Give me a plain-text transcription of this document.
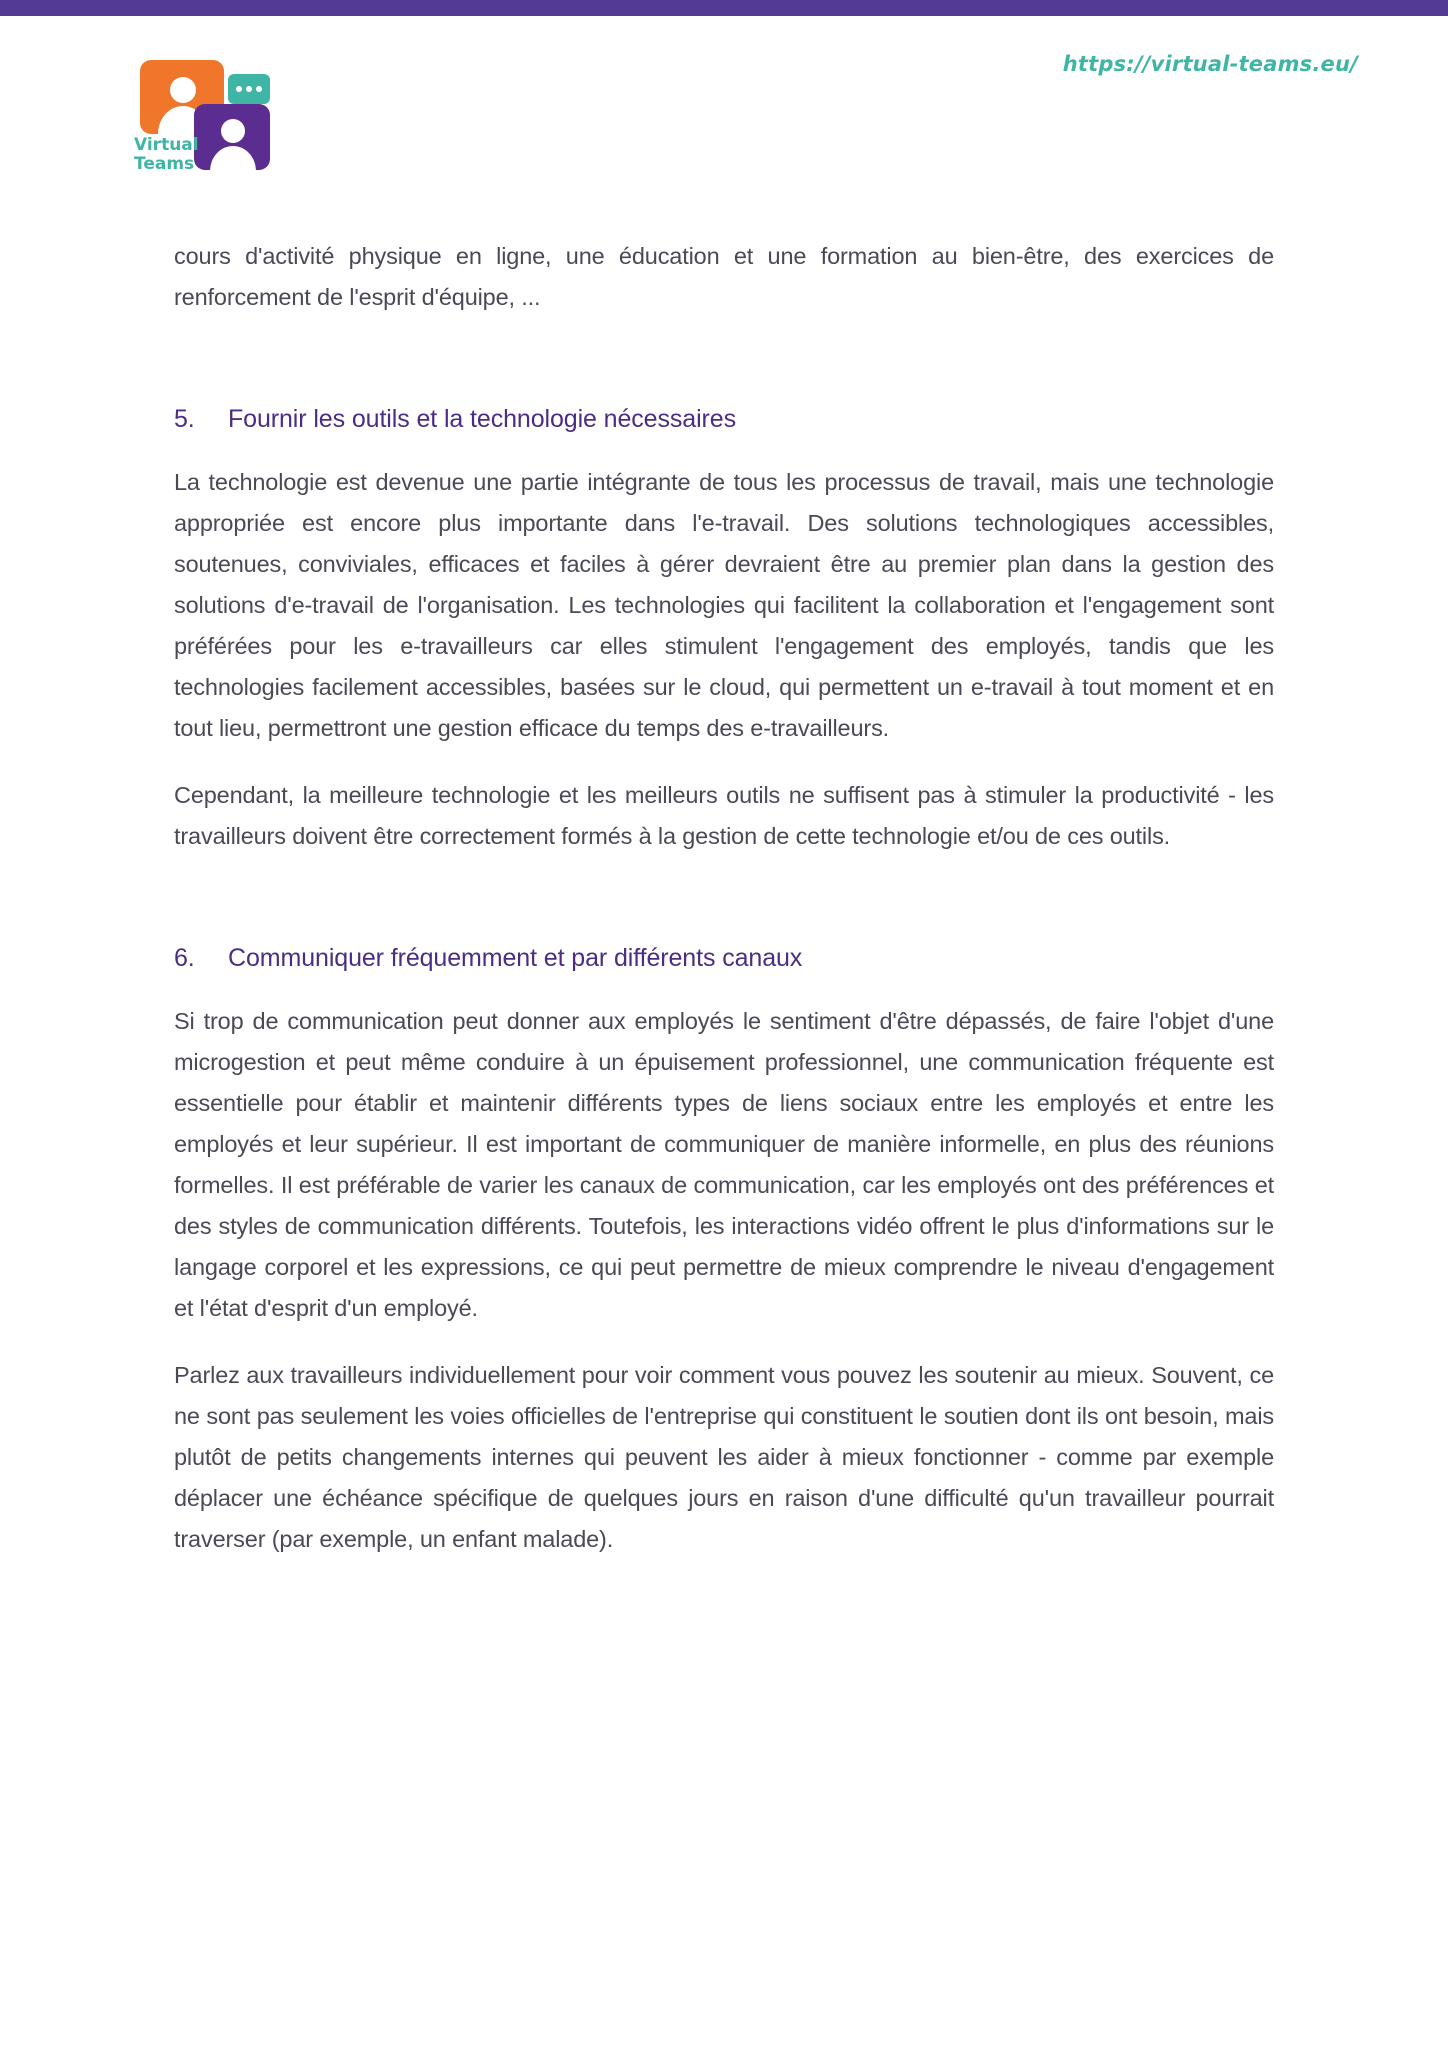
https://virtual-teams.eu/
Virtual
Teams

cours d'activité physique en ligne, une éducation et une formation au bien-être, des exercices de renforcement de l'esprit d'équipe, ...

5.	Fournir les outils et la technologie nécessaires

La technologie est devenue une partie intégrante de tous les processus de travail, mais une technologie appropriée est encore plus importante dans l'e-travail. Des solutions technologiques accessibles, soutenues, conviviales, efficaces et faciles à gérer devraient être au premier plan dans la gestion des solutions d'e-travail de l'organisation. Les technologies qui facilitent la collaboration et l'engagement sont préférées pour les e-travailleurs car elles stimulent l'engagement des employés, tandis que les technologies facilement accessibles, basées sur le cloud, qui permettent un e-travail à tout moment et en tout lieu, permettront une gestion efficace du temps des e-travailleurs.

Cependant, la meilleure technologie et les meilleurs outils ne suffisent pas à stimuler la productivité - les travailleurs doivent être correctement formés à la gestion de cette technologie et/ou de ces outils.

6.	Communiquer fréquemment et par différents canaux

Si trop de communication peut donner aux employés le sentiment d'être dépassés, de faire l'objet d'une microgestion et peut même conduire à un épuisement professionnel, une communication fréquente est essentielle pour établir et maintenir différents types de liens sociaux entre les employés et entre les employés et leur supérieur. Il est important de communiquer de manière informelle, en plus des réunions formelles. Il est préférable de varier les canaux de communication, car les employés ont des préférences et des styles de communication différents. Toutefois, les interactions vidéo offrent le plus d'informations sur le langage corporel et les expressions, ce qui peut permettre de mieux comprendre le niveau d'engagement et l'état d'esprit d'un employé.

Parlez aux travailleurs individuellement pour voir comment vous pouvez les soutenir au mieux. Souvent, ce ne sont pas seulement les voies officielles de l'entreprise qui constituent le soutien dont ils ont besoin, mais plutôt de petits changements internes qui peuvent les aider à mieux fonctionner - comme par exemple déplacer une échéance spécifique de quelques jours en raison d'une difficulté qu'un travailleur pourrait traverser (par exemple, un enfant malade).
